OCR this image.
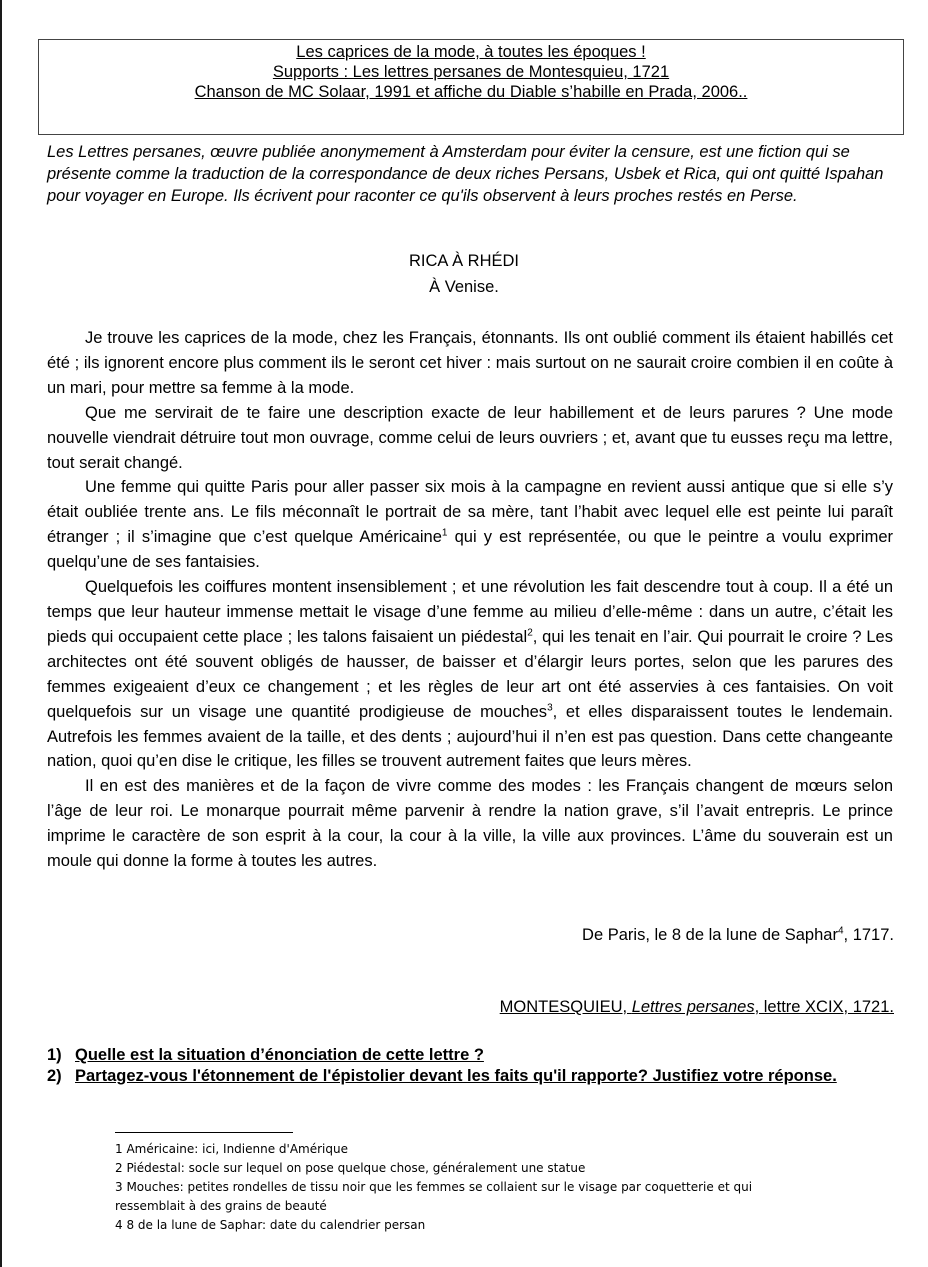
Les caprices de la mode, à toutes les époques !
Supports : Les lettres persanes de Montesquieu, 1721
Chanson de MC Solaar, 1991 et affiche du Diable s’habille en Prada, 2006..
Les Lettres persanes, œuvre publiée anonymement à Amsterdam pour éviter la censure, est une fiction qui se présente comme la traduction de la correspondance de deux riches Persans, Usbek et Rica, qui ont quitté Ispahan pour voyager en Europe. Ils écrivent pour raconter ce qu'ils observent à leurs proches restés en Perse.
RICA À RHÉDI
À Venise.

Je trouve les caprices de la mode, chez les Français, étonnants. Ils ont oublié comment ils étaient habillés cet été ; ils ignorent encore plus comment ils le seront cet hiver : mais surtout on ne saurait croire combien il en coûte à un mari, pour mettre sa femme à la mode.

Que me servirait de te faire une description exacte de leur habillement et de leurs parures ? Une mode nouvelle viendrait détruire tout mon ouvrage, comme celui de leurs ouvriers ; et, avant que tu eusses reçu ma lettre, tout serait changé.

Une femme qui quitte Paris pour aller passer six mois à la campagne en revient aussi antique que si elle s’y était oubliée trente ans. Le fils méconnaît le portrait de sa mère, tant l’habit avec lequel elle est peinte lui paraît étranger ; il s’imagine que c’est quelque Américaine$^1$ qui y est représentée, ou que le peintre a voulu exprimer quelqu’une de ses fantaisies.

Quelquefois les coiffures montent insensiblement ; et une révolution les fait descendre tout à coup. Il a été un temps que leur hauteur immense mettait le visage d’une femme au milieu d’elle-même : dans un autre, c’était les pieds qui occupaient cette place ; les talons faisaient un piédestal$^2$, qui les tenait en l’air. Qui pourrait le croire ? Les architectes ont été souvent obligés de hausser, de baisser et d’élargir leurs portes, selon que les parures des femmes exigeaient d’eux ce changement ; et les règles de leur art ont été asservies à ces fantaisies. On voit quelquefois sur un visage une quantité prodigieuse de mouches$^3$, et elles disparaissent toutes le lendemain. Autrefois les femmes avaient de la taille, et des dents ; aujourd’hui il n’en est pas question. Dans cette changeante nation, quoi qu’en dise le critique, les filles se trouvent autrement faites que leurs mères.

Il en est des manières et de la façon de vivre comme des modes : les Français changent de mœurs selon l’âge de leur roi. Le monarque pourrait même parvenir à rendre la nation grave, s’il l’avait entrepris. Le prince imprime le caractère de son esprit à la cour, la cour à la ville, la ville aux provinces. L’âme du souverain est un moule qui donne la forme à toutes les autres.

De Paris, le 8 de la lune de Saphar$^4$, 1717.
MONTESQUIEU, Lettres persanes, lettre XCIX, 1721.
1) Quelle est la situation d’énonciation de cette lettre ?
2) Partagez-vous l'étonnement de l'épistolier devant les faits qu'il rapporte? Justifiez votre réponse.
1 Américaine: ici, Indienne d'Amérique
2 Piédestal: socle sur lequel on pose quelque chose, généralement une statue
3 Mouches: petites rondelles de tissu noir que les femmes se collaient sur le visage par coquetterie et qui ressemblait à des grains de beauté
4 8 de la lune de Saphar: date du calendrier persan
